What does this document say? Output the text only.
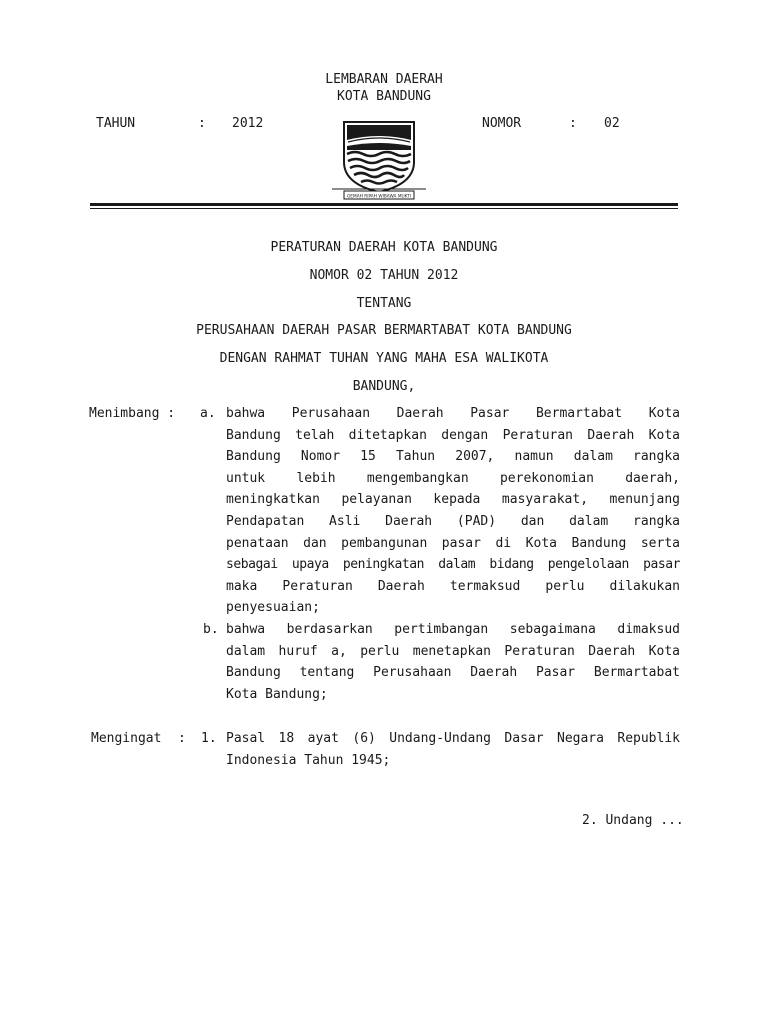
LEMBARAN DAERAH
KOTA BANDUNG
TAHUN	: 2012	NOMOR	: 02
GEMAH RIPAH WIBAWA MUKTI
PERATURAN DAERAH KOTA BANDUNG
NOMOR 02 TAHUN 2012
TENTANG
PERUSAHAAN DAERAH PASAR BERMARTABAT KOTA BANDUNG
DENGAN RAHMAT TUHAN YANG MAHA ESA WALIKOTA
BANDUNG,
Menimbang : a. bahwa Perusahaan Daerah Pasar Bermartabat Kota
Bandung telah ditetapkan dengan Peraturan Daerah Kota
Bandung Nomor 15 Tahun 2007, namun dalam rangka
untuk lebih mengembangkan perekonomian daerah,
meningkatkan pelayanan kepada masyarakat, menunjang
Pendapatan Asli Daerah (PAD) dan dalam rangka
penataan dan pembangunan pasar di Kota Bandung serta
sebagai upaya peningkatan dalam bidang pengelolaan pasar
maka Peraturan Daerah termaksud perlu dilakukan
penyesuaian;
b. bahwa berdasarkan pertimbangan sebagaimana dimaksud
dalam huruf a, perlu menetapkan Peraturan Daerah Kota
Bandung tentang Perusahaan Daerah Pasar Bermartabat
Kota Bandung;
Mengingat : 1. Pasal 18 ayat (6) Undang-Undang Dasar Negara Republik
Indonesia Tahun 1945;
2. Undang ...
